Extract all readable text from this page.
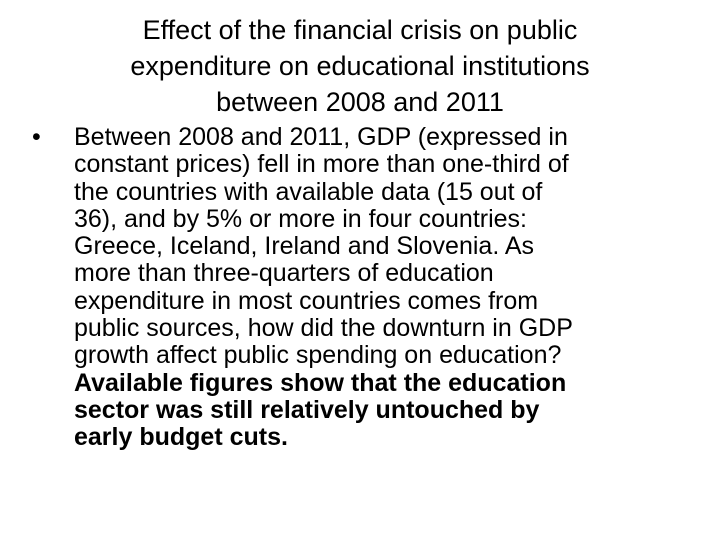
Effect of the financial crisis on public
expenditure on educational institutions
between 2008 and 2011
•	Between 2008 and 2011, GDP (expressed in
constant prices) fell in more than one-third of
the countries with available data (15 out of
36), and by 5% or more in four countries:
Greece, Iceland, Ireland and Slovenia. As
more than three-quarters of education
expenditure in most countries comes from
public sources, how did the downturn in GDP
growth affect public spending on education?
Available figures show that the education
sector was still relatively untouched by
early budget cuts.
